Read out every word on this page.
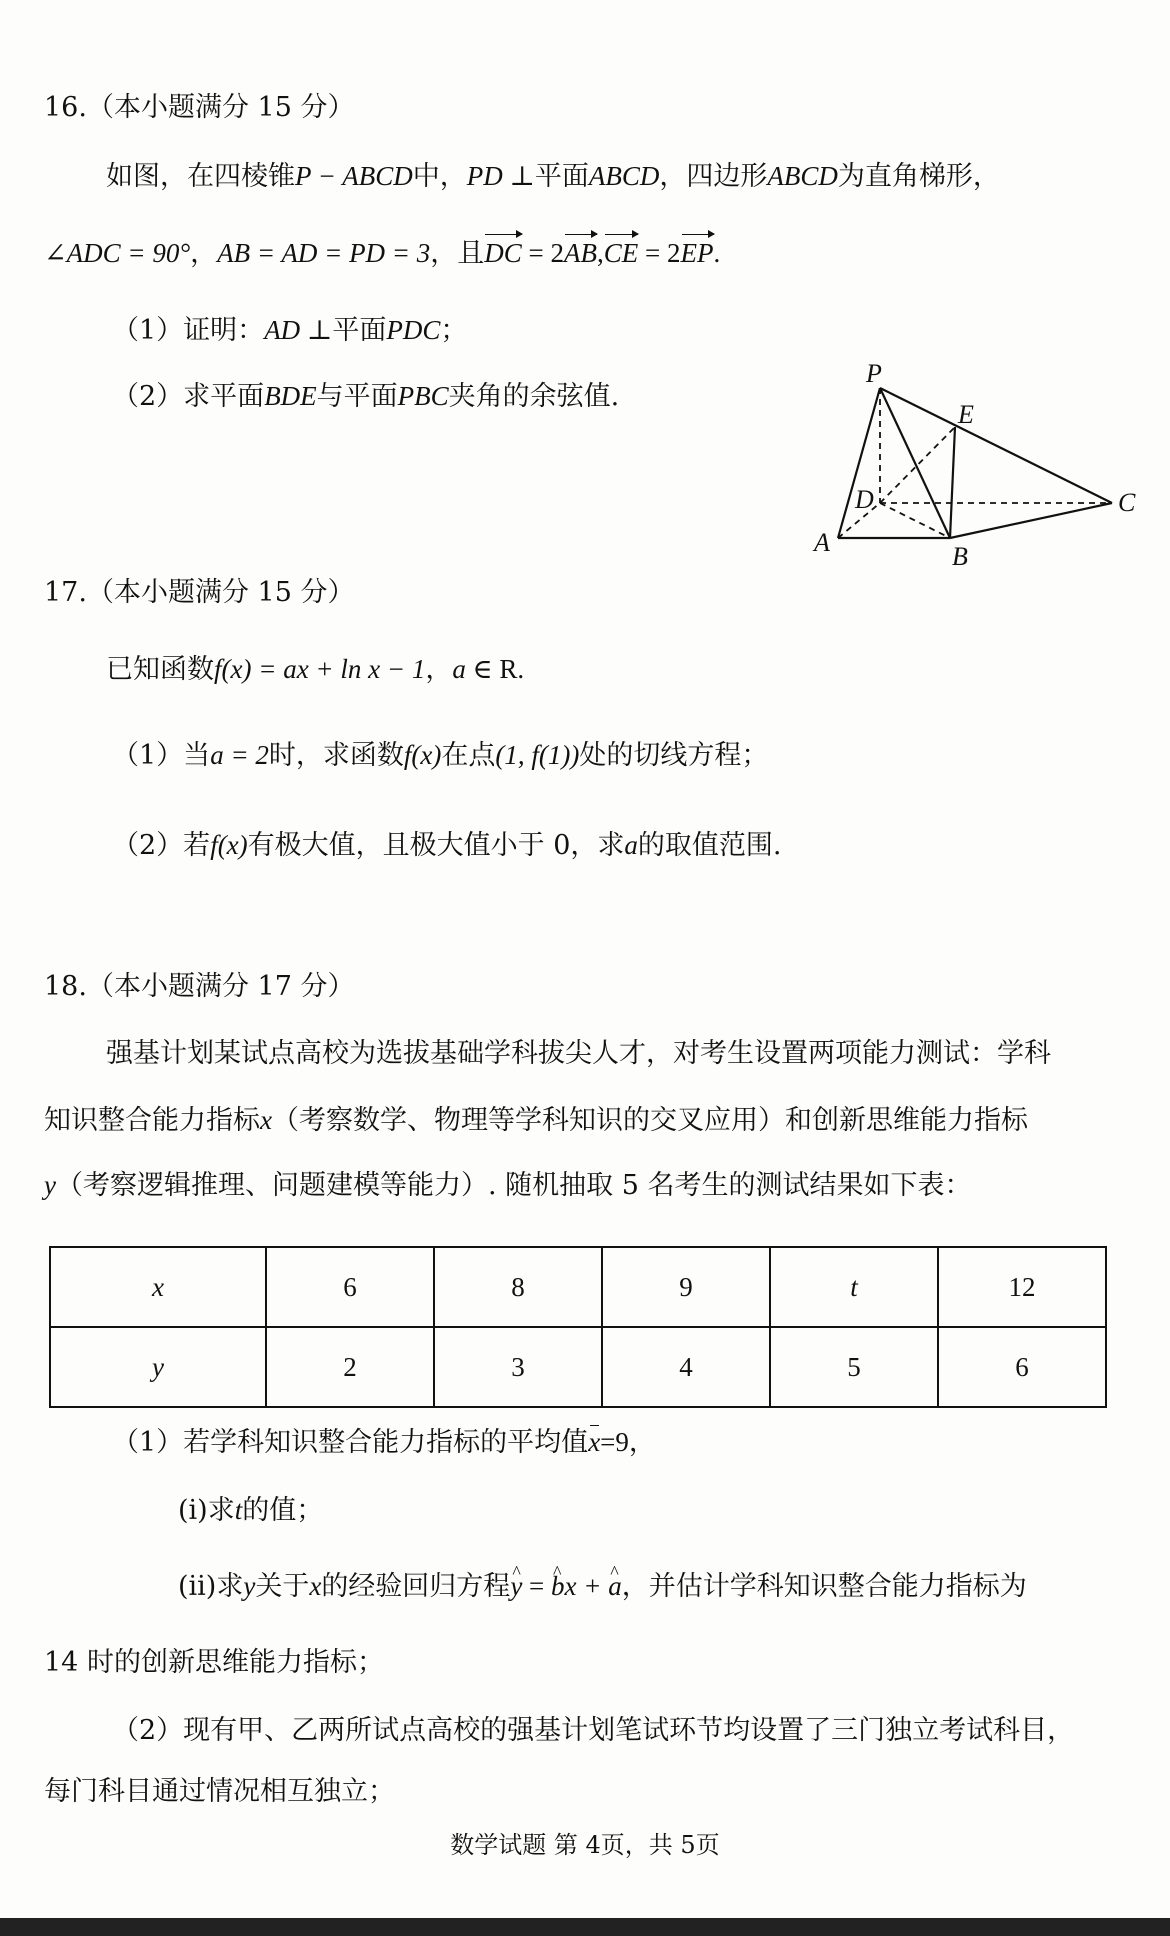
16.（本小题满分 15 分）
如图，在四棱锥P − ABCD中，PD ⊥平面ABCD，四边形ABCD为直角梯形，
∠ADC = 90°，AB = AD = PD = 3，且DC = 2AB,CE = 2EP.
（1）证明：AD ⊥平面PDC；
（2）求平面BDE与平面PBC夹角的余弦值.
P
E
D	C
A	B
17.（本小题满分 15 分）
已知函数f(x) = ax + ln x − 1，a ∈ R.
（1）当a = 2时，求函数f(x)在点(1, f(1))处的切线方程；
（2）若f(x)有极大值，且极大值小于 0，求a的取值范围.
18.（本小题满分 17 分）
强基计划某试点高校为选拔基础学科拔尖人才，对考生设置两项能力测试：学科
知识整合能力指标x（考察数学、物理等学科知识的交叉应用）和创新思维能力指标
y（考察逻辑推理、问题建模等能力）. 随机抽取 5 名考生的测试结果如下表：
x	6	8	9	t	12
y	2	3	4	5	6
（1）若学科知识整合能力指标的平均值x=9，
(i)求t的值；
(ii)求y关于x的经验回归方程^ y = ^ bx + ^ a，并估计学科知识整合能力指标为
14 时的创新思维能力指标；
（2）现有甲、乙两所试点高校的强基计划笔试环节均设置了三门独立考试科目，
每门科目通过情况相互独立；
数学试题 第 4页，共 5页
